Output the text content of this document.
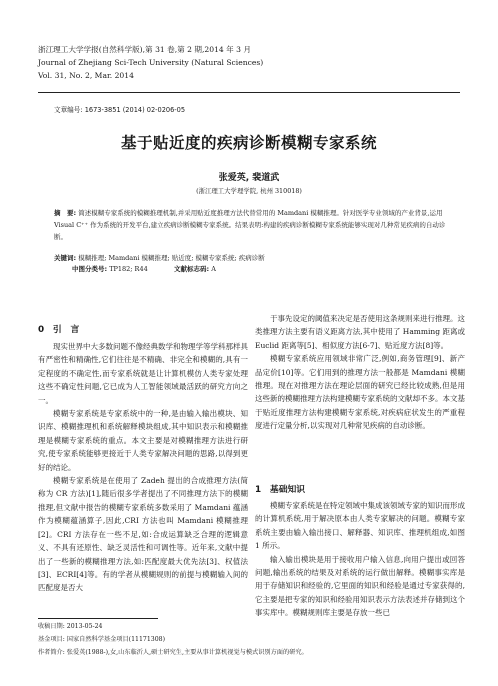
浙江理工大学学报(自然科学版),第 31 卷,第 2 期,2014 年 3 月
Journal of Zhejiang Sci-Tech University (Natural Sciences)
Vol. 31, No. 2, Mar. 2014
文章编号: 1673-3851 (2014) 02-0206-05
基于贴近度的疾病诊断模糊专家系统
张爱英, 裴道武
(浙江理工大学理学院, 杭州 310018)
摘　要: 简述模糊专家系统的模糊推理机制,并采用贴近度推理方法代替常用的 Mamdani 模糊推理。针对医学专业领域的产业背景,运用 Visual C⁺⁺ 作为系统的开发平台,建立疾病诊断模糊专家系统。结果表明:构建的疾病诊断模糊专家系统能够实现对几种常见疾病的自动诊断。
关键词: 模糊推理; Mamdani 模糊推理; 贴近度; 模糊专家系统; 疾病诊断
中图分类号: TP182; R44	文献标志码: A
0　引　言

现实世界中大多数问题不像经典数学和物理学等学科那样具有严密性和精确性,它们往往是不精确、非完全和模糊的,具有一定程度的不确定性,而专家系统就是让计算机模仿人类专家处理这些不确定性问题,它已成为人工智能领域最活跃的研究方向之一。

模糊专家系统是专家系统中的一种,是由输入输出模块、知识库、模糊推理机和系统解释模块组成,其中知识表示和模糊推理是模糊专家系统的重点。本文主要是对模糊推理方法进行研究,使专家系统能够更接近于人类专家解决问题的思路,以得到更好的结论。

模糊专家系统是在使用了 Zadeh 提出的合成推理方法(简称为 CR 方法)[1],随后很多学者提出了不同推理方法下的模糊推理,但文献中报告的模糊专家系统多数采用了 Mamdani 蕴涵作为模糊蕴涵算子,因此,CRI 方法也叫 Mamdani 模糊推理[2]。CRI 方法存在一些不足,如:合成运算缺乏合理的逻辑意义、不具有还原性、缺乏灵活性和可调性等。近年来,文献中提出了一些新的模糊推理方法,如:匹配度最大优先法[3]、权值法[3]、ECRI[4]等。有的学者从模糊规则的前提与模糊输入间的匹配度是否大

于事先设定的阈值来决定是否使用这条规则来进行推理。这类推理方法主要有语义距离方法,其中使用了 Hamming 距离或 Euclid 距离等[5]、相似度方法[6-7]、贴近度方法[8]等。

模糊专家系统应用领域非常广泛,例如,商务管理[9]、新产品定价[10]等。它们用到的推理方法一般都是 Mamdani 模糊推理。现在对推理方法在理论层面的研究已经比较成熟,但是用这些新的模糊推理方法构建模糊专家系统的文献却不多。本文基于贴近度推理方法构建模糊专家系统,对疾病症状发生的严重程度进行定量分析,以实现对几种常见疾病的自动诊断。

1　基础知识

模糊专家系统是在特定领域中集成该领域专家的知识而形成的计算机系统,用于解决原本由人类专家解决的问题。模糊专家系统主要由输入输出接口、解释器、知识库、推理机组成,如图 1 所示。

输入输出模块是用于接收用户输入信息,向用户提出或回答问题,输出系统的结果及对系统的运行做出解释。模糊事实库是用于存储知识和经验的,它里面的知识和经验是通过专家获得的,它主要是把专家的知识和经验用知识表示方法表述并存储到这个事实库中。模糊规则库主要是存放一些已

收稿日期: 2013-05-24
基金项目: 国家自然科学基金项目(11171308)
作者简介: 张爱英(1988-),女,山东临沂人,硕士研究生,主要从事计算机视觉与模式识别方面的研究。
